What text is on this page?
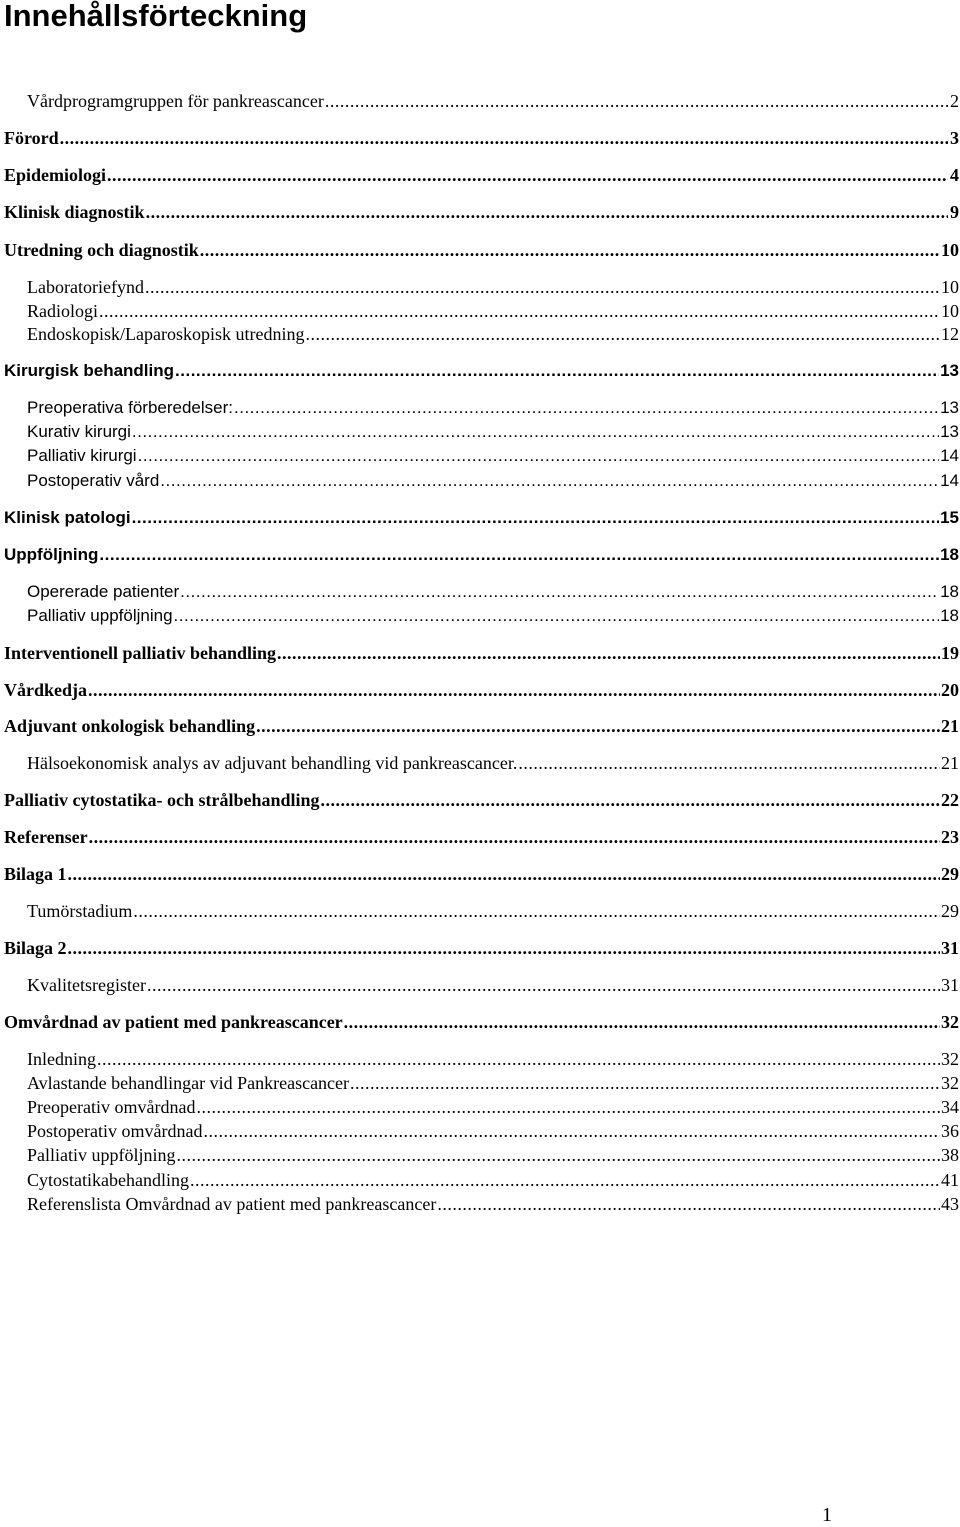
Innehållsförteckning
Vårdprogramgruppen för pankreascancer .....	2
Förord .....	3
Epidemiologi .....	4
Klinisk diagnostik .....	9
Utredning och diagnostik .....	10
Laboratoriefynd .....	10
Radiologi .....	10
Endoskopisk/Laparoskopisk utredning .....	12
Kirurgisk behandling .....	13
Preoperativa förberedelser: .....	13
Kurativ kirurgi .....	13
Palliativ kirurgi .....	14
Postoperativ vård .....	14
Klinisk patologi .....	15
Uppföljning .....	18
Opererade patienter .....	18
Palliativ uppföljning .....	18
Interventionell palliativ behandling .....	19
Vårdkedja .....	20
Adjuvant onkologisk behandling .....	21
Hälsoekonomisk analys av adjuvant behandling vid pankreascancer. .....	21
Palliativ cytostatika- och strålbehandling .....	22
Referenser .....	23
Bilaga 1 .....	29
Tumörstadium .....	29
Bilaga 2 .....	31
Kvalitetsregister .....	31
Omvårdnad av patient med pankreascancer .....	32
Inledning .....	32
Avlastande behandlingar vid Pankreascancer .....	32
Preoperativ omvårdnad .....	34
Postoperativ omvårdnad .....	36
Palliativ uppföljning .....	38
Cytostatikabehandling .....	41
Referenslista Omvårdnad av patient med pankreascancer .....	43
1
